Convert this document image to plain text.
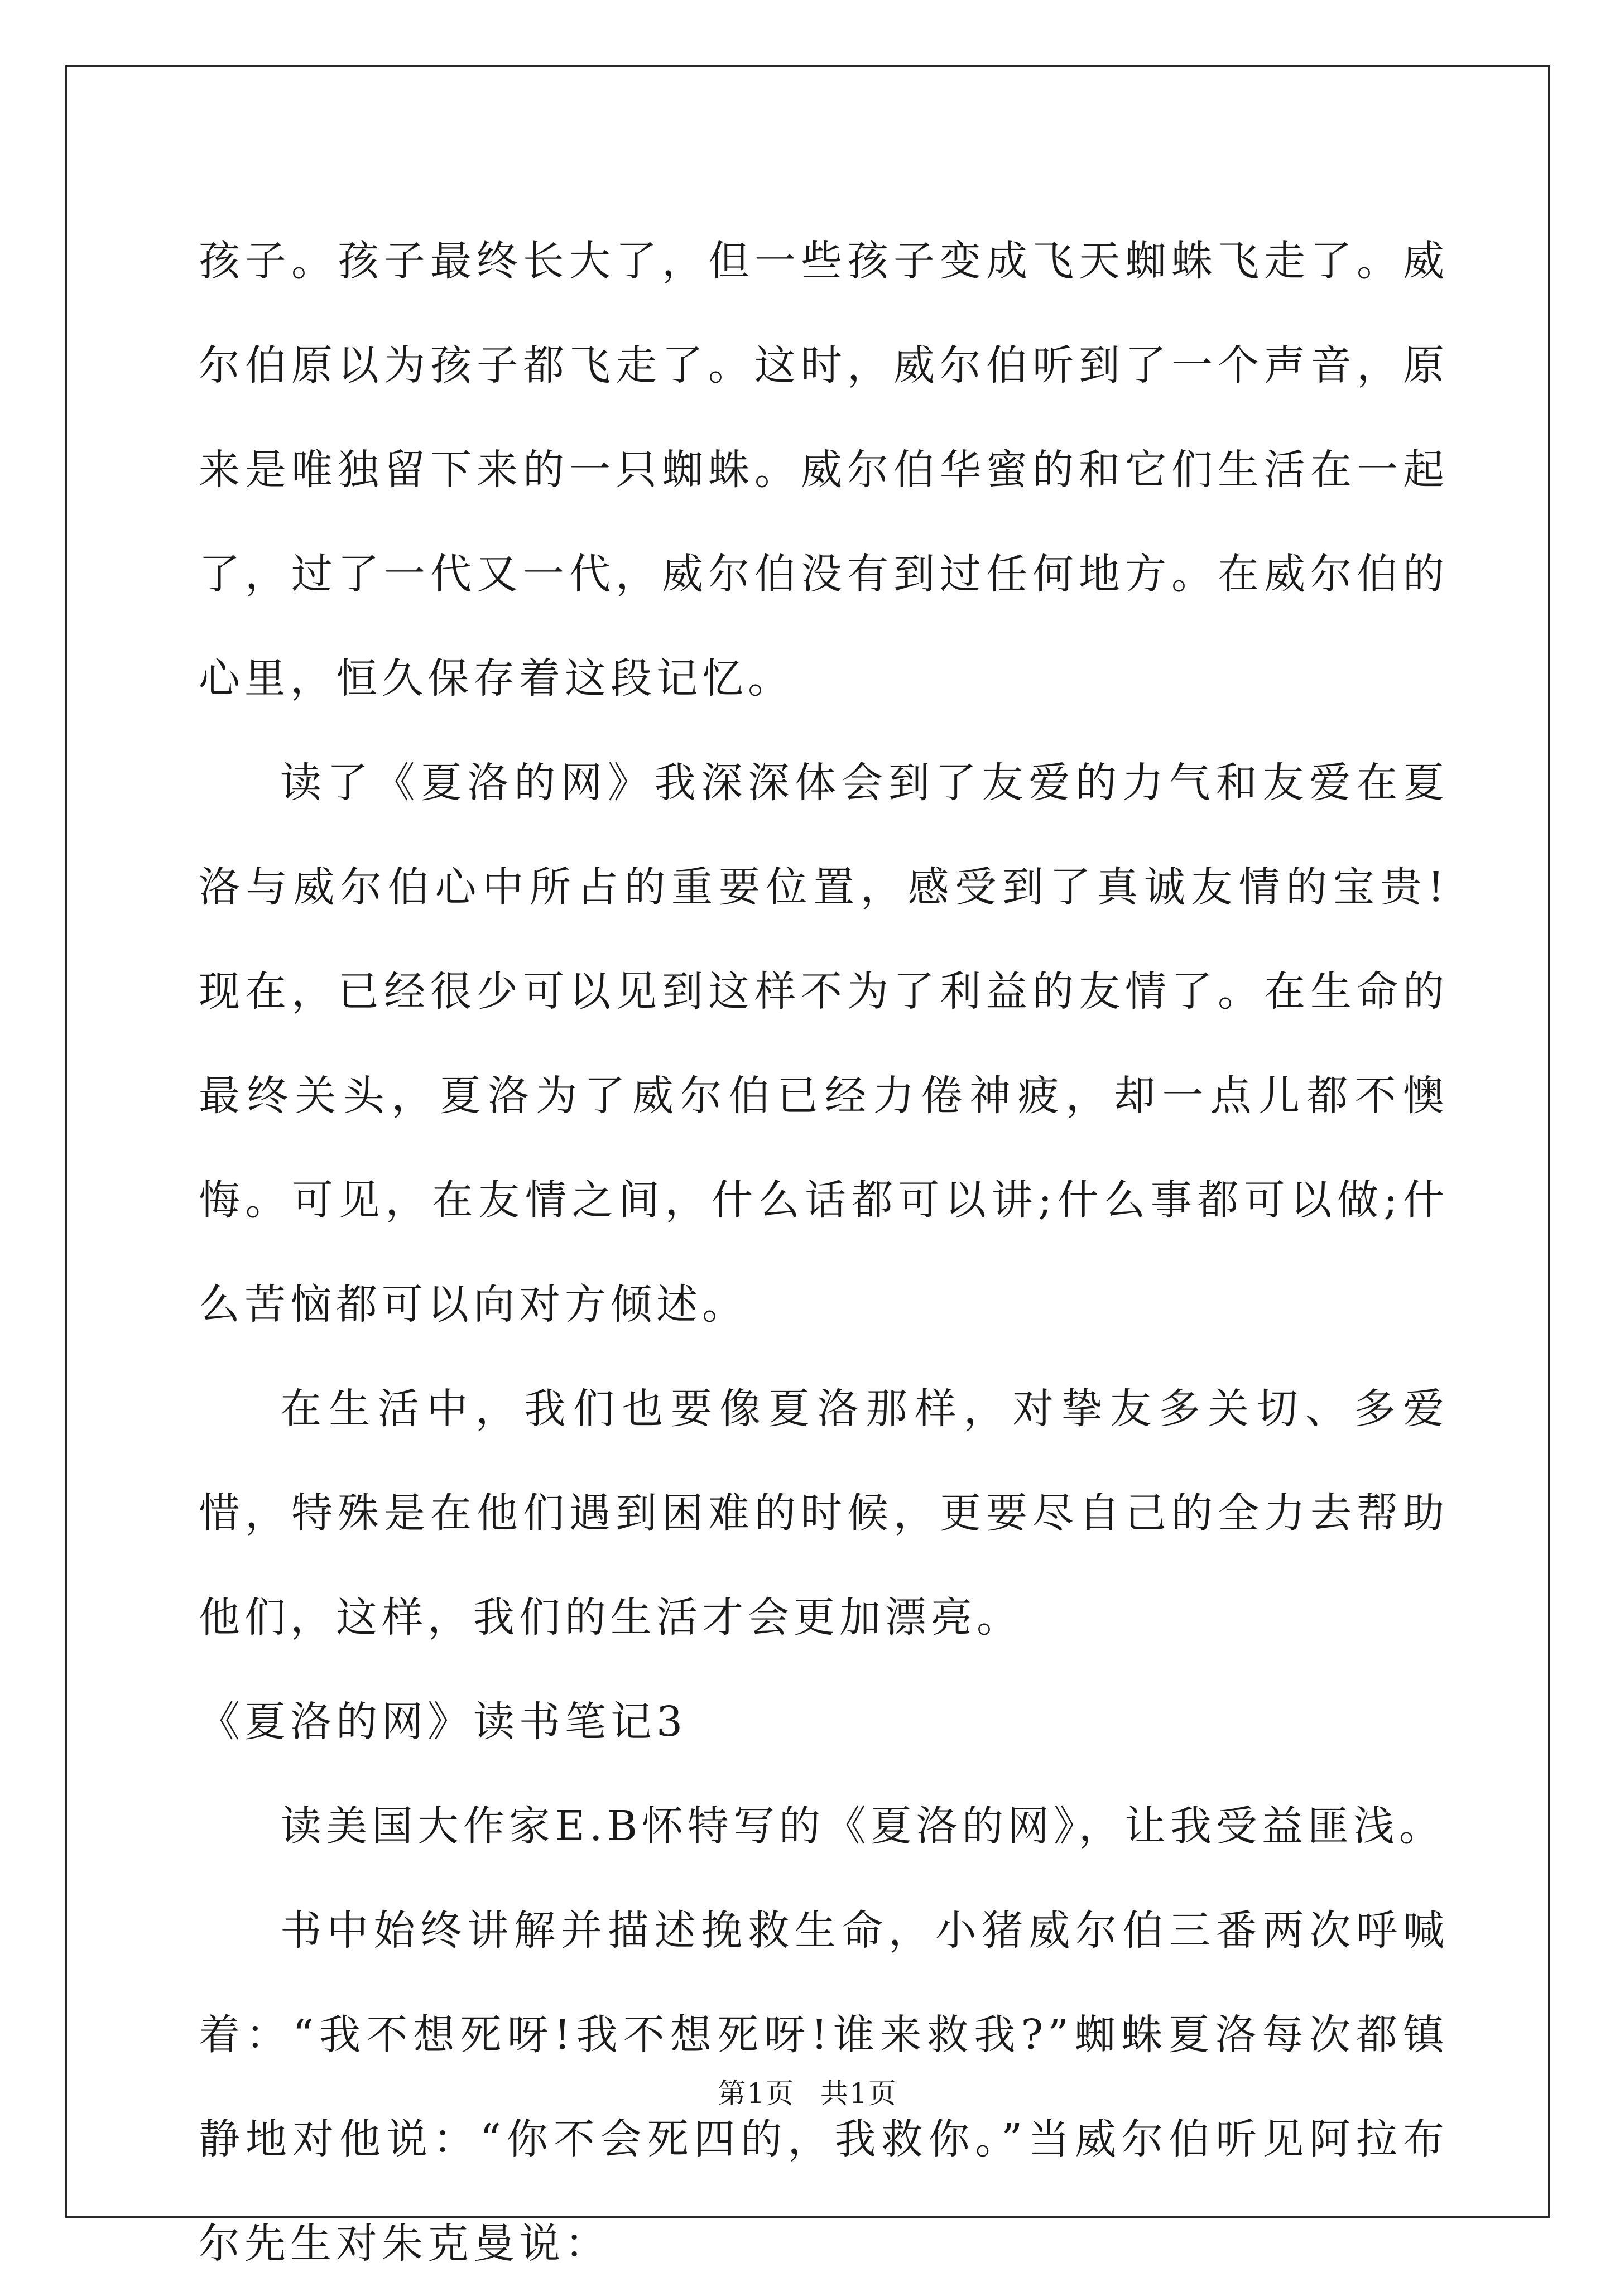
孩子。孩子最终长大了，但一些孩子变成飞天蜘蛛飞走了。威尔伯原以为孩子都飞走了。这时，威尔伯听到了一个声音，原来是唯独留下来的一只蜘蛛。威尔伯华蜜的和它们生活在一起了，过了一代又一代，威尔伯没有到过任何地方。在威尔伯的心里，恒久保存着这段记忆。

读了《夏洛的网》我深深体会到了友爱的力气和友爱在夏洛与威尔伯心中所占的重要位置，感受到了真诚友情的宝贵!现在，已经很少可以见到这样不为了利益的友情了。在生命的最终关头，夏洛为了威尔伯已经力倦神疲，却一点儿都不懊悔。可见，在友情之间，什么话都可以讲;什么事都可以做;什么苦恼都可以向对方倾述。

在生活中，我们也要像夏洛那样，对挚友多关切、多爱惜，特殊是在他们遇到困难的时候，更要尽自己的全力去帮助他们，这样，我们的生活才会更加漂亮。

《夏洛的网》读书笔记3

读美国大作家E.B怀特写的《夏洛的网》，让我受益匪浅。

书中始终讲解并描述挽救生命，小猪威尔伯三番两次呼喊着：“我不想死呀!我不想死呀!谁来救我?”蜘蛛夏洛每次都镇静地对他说：“你不会死四的，我救你。”当威尔伯听见阿拉布尔先生对朱克曼说：

第1页 共1页
